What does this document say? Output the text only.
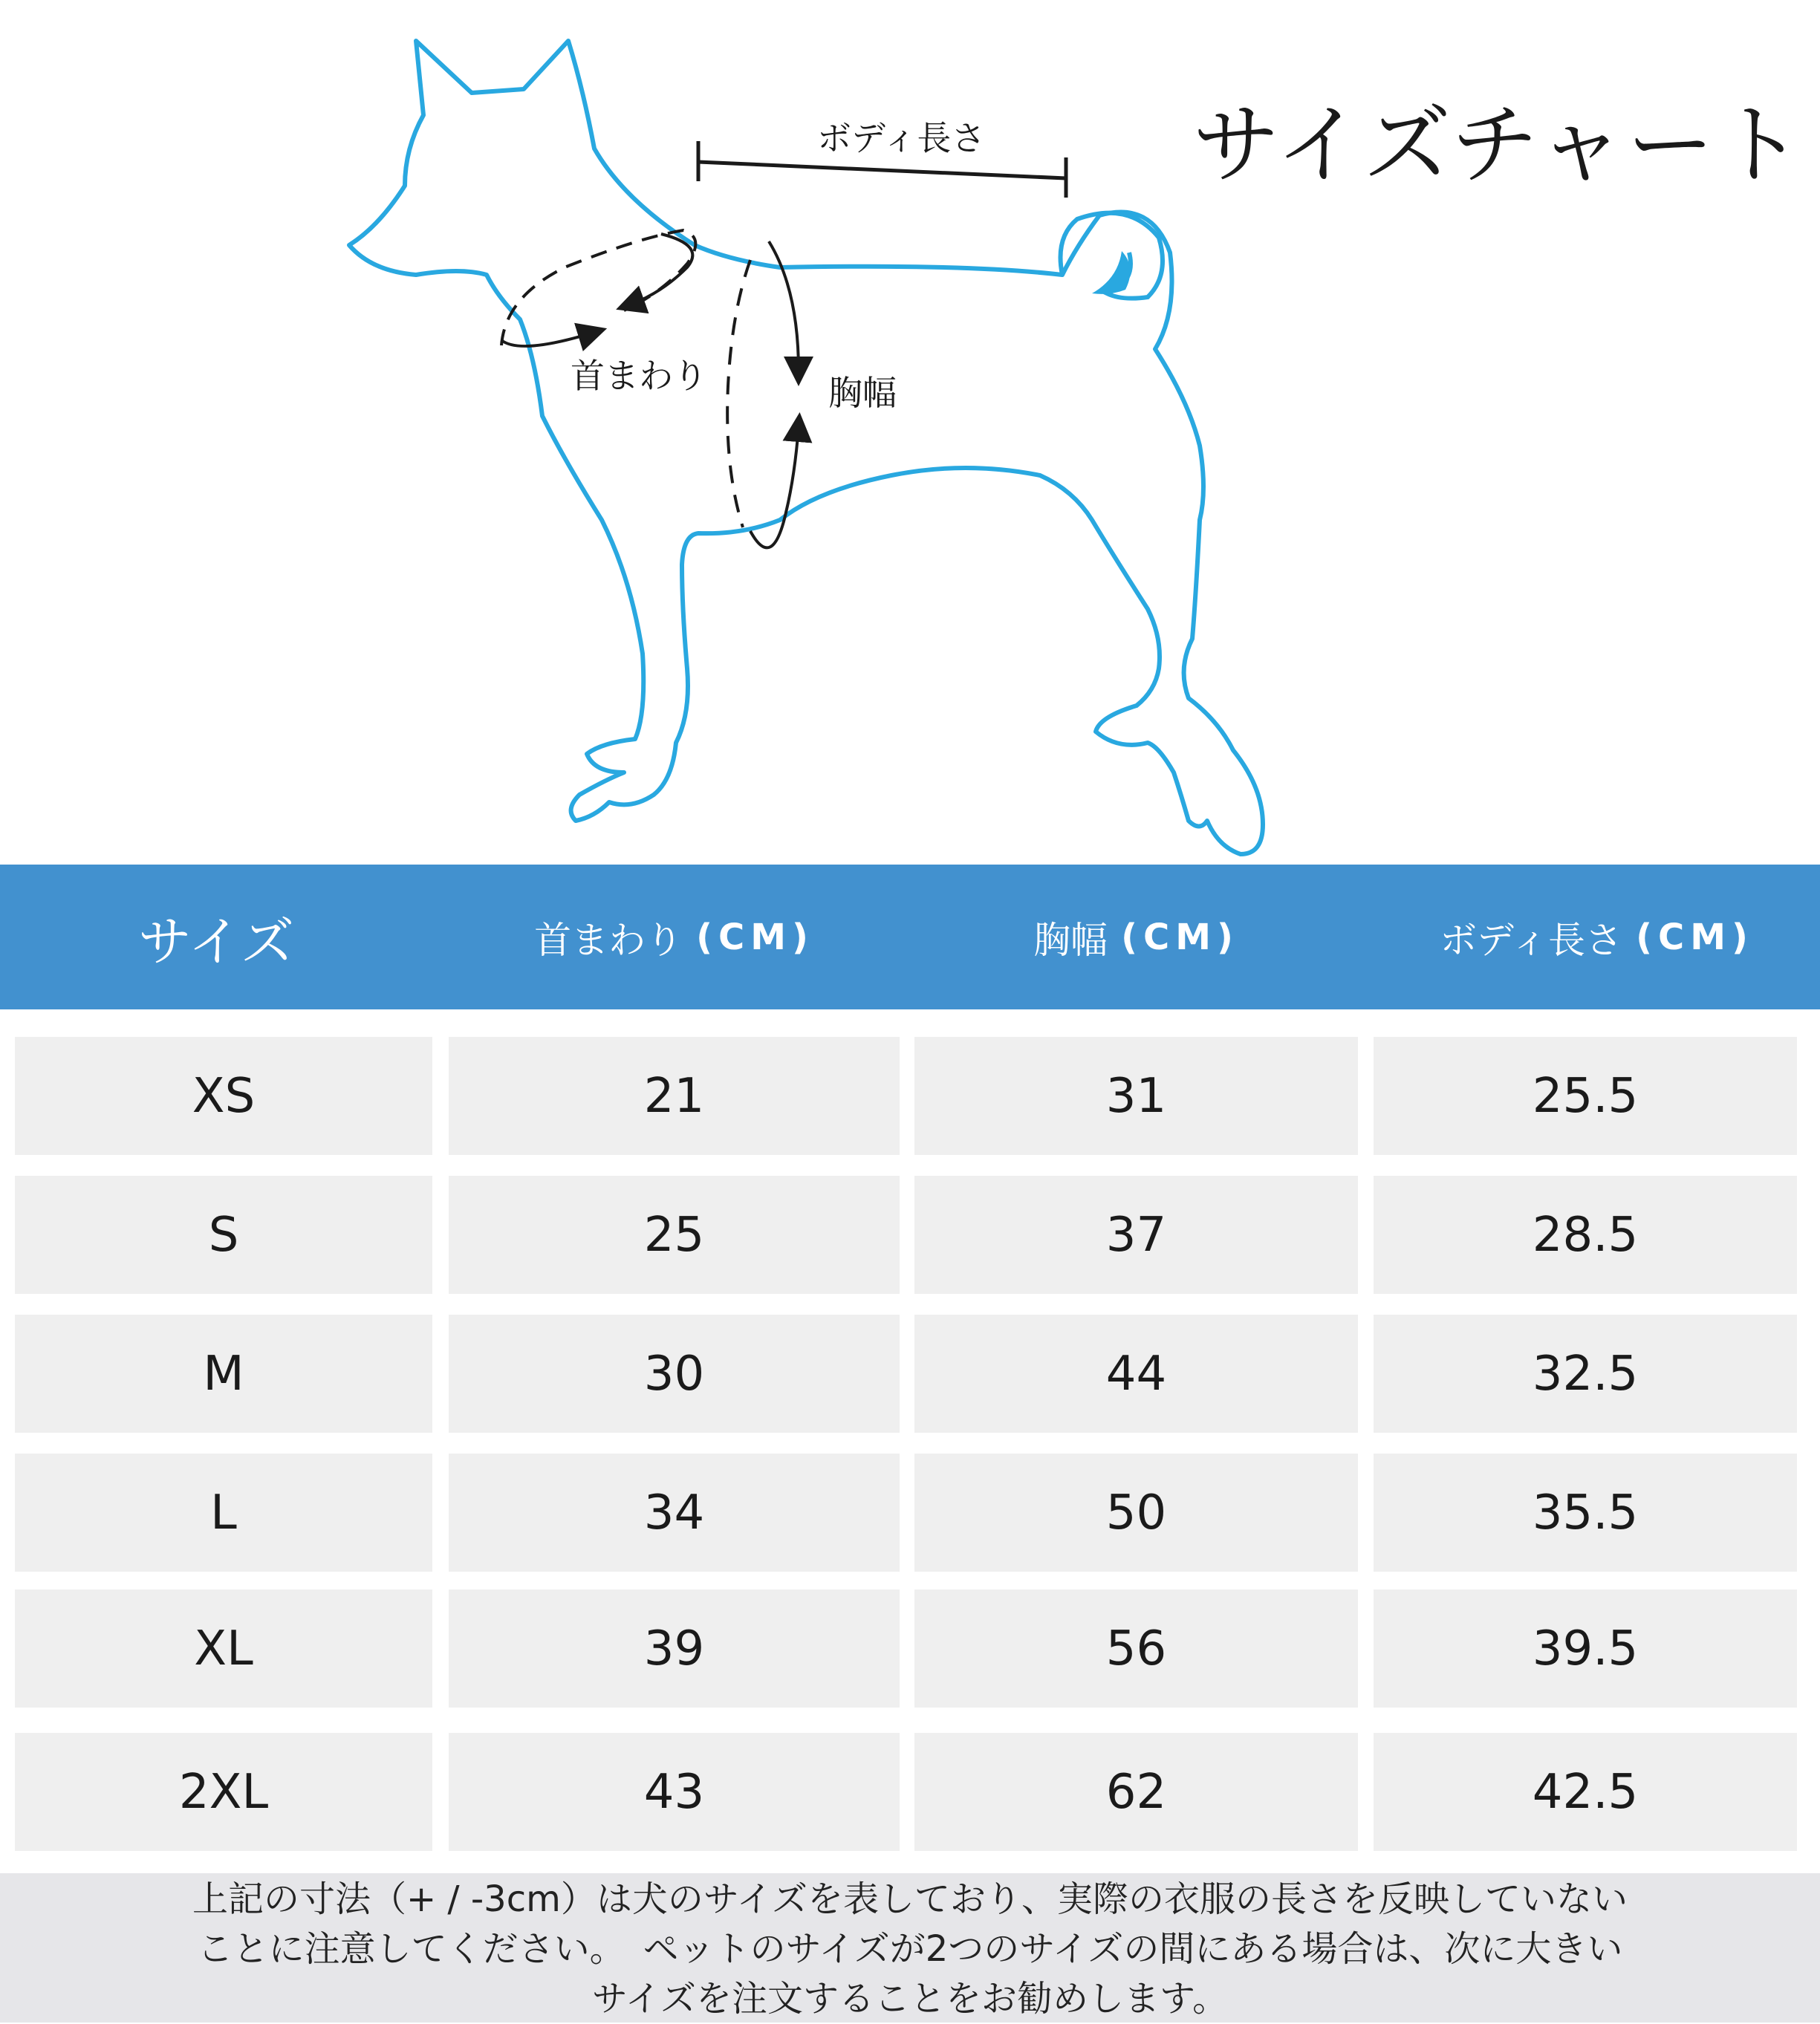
サイズチャート
ボディ長さ
首まわり	胸幅
サイズ	首まわり (CM)	胸幅 (CM)	ボディ長さ (CM)
XS	21	31	25.5
S	25	37	28.5
M	30	44	32.5
L	34	50	35.5
XL	39	56	39.5
2XL	43	62	42.5
上記の寸法（+ / -3cm）は犬のサイズを表しており、実際の衣服の長さを反映していない
ことに注意してください。　ペットのサイズが2つのサイズの間にある場合は、次に大きい
サイズを注文することをお勧めします。
